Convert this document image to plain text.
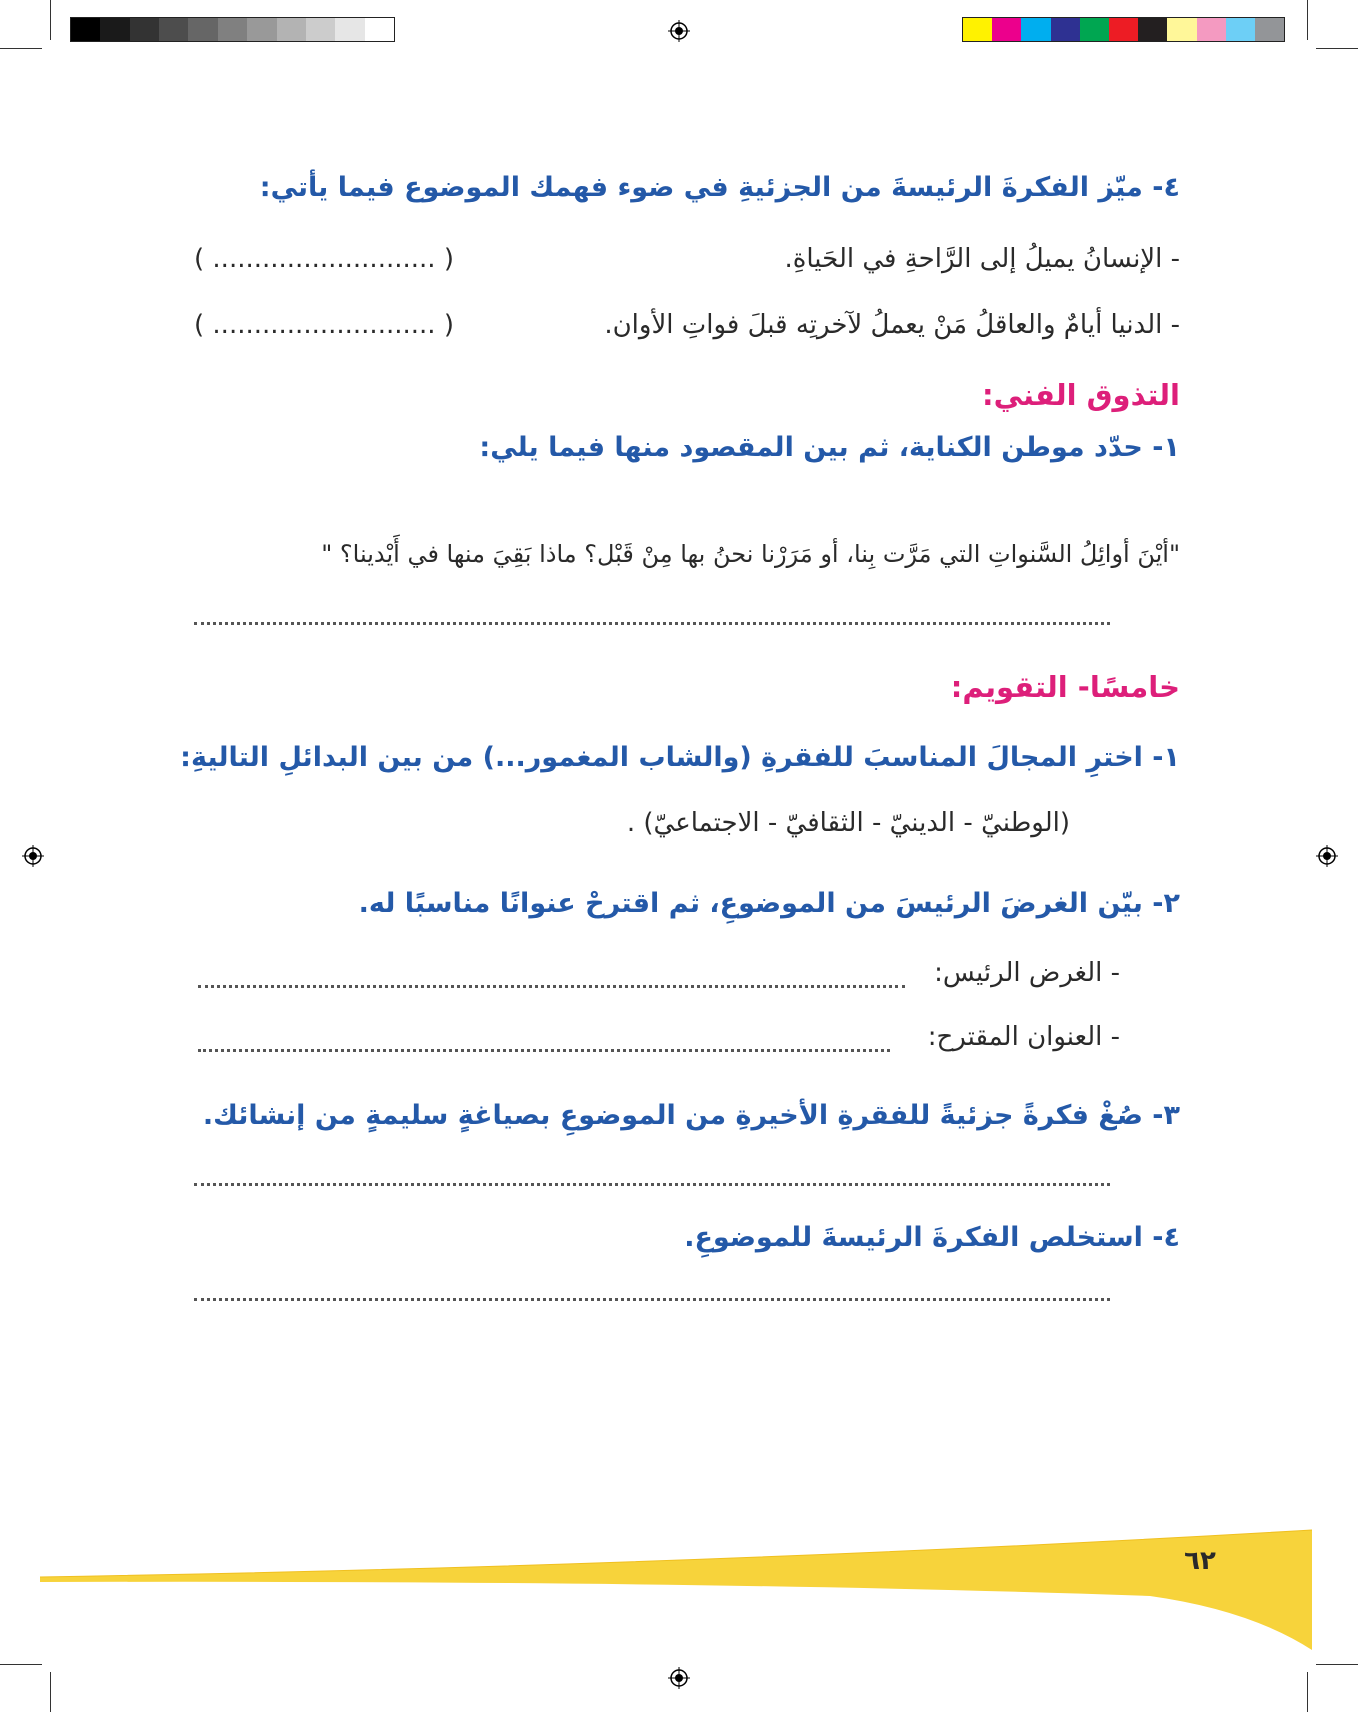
٤- ميّز الفكرةَ الرئيسةَ من الجزئيةِ في ضوء فهمك الموضوع فيما يأتي:
- الإنسانُ يميلُ إلى الرَّاحةِ في الحَياةِ.
( ........................... )
- الدنيا أيامٌ والعاقلُ مَنْ يعملُ لآخرتِه قبلَ فواتِ الأوان.
( ........................... )
التذوق الفني:
١- حدّد موطن الكناية، ثم بين المقصود منها فيما يلي:
"أيْنَ أوائِلُ السَّنواتِ التي مَرَّت بِنا، أو مَرَرْنا نحنُ بها مِنْ قَبْل؟ ماذا بَقِيَ منها في أَيْدينا؟ "
خامسًا- التقويم:
١- اخترِ المجالَ المناسبَ للفقرةِ (والشاب المغمور...) من بين البدائلِ التاليةِ:
(الوطنيّ - الدينيّ - الثقافيّ - الاجتماعيّ) .
٢- بيّن الغرضَ الرئيسَ من الموضوعِ، ثم اقترحْ عنوانًا مناسبًا له.
- الغرض الرئيس:
- العنوان المقترح:
٣- صُغْ فكرةً جزئيةً للفقرةِ الأخيرةِ من الموضوعِ بصياغةٍ سليمةٍ من إنشائك.
٤- استخلص الفكرةَ الرئيسةَ للموضوعِ.
٦٢
